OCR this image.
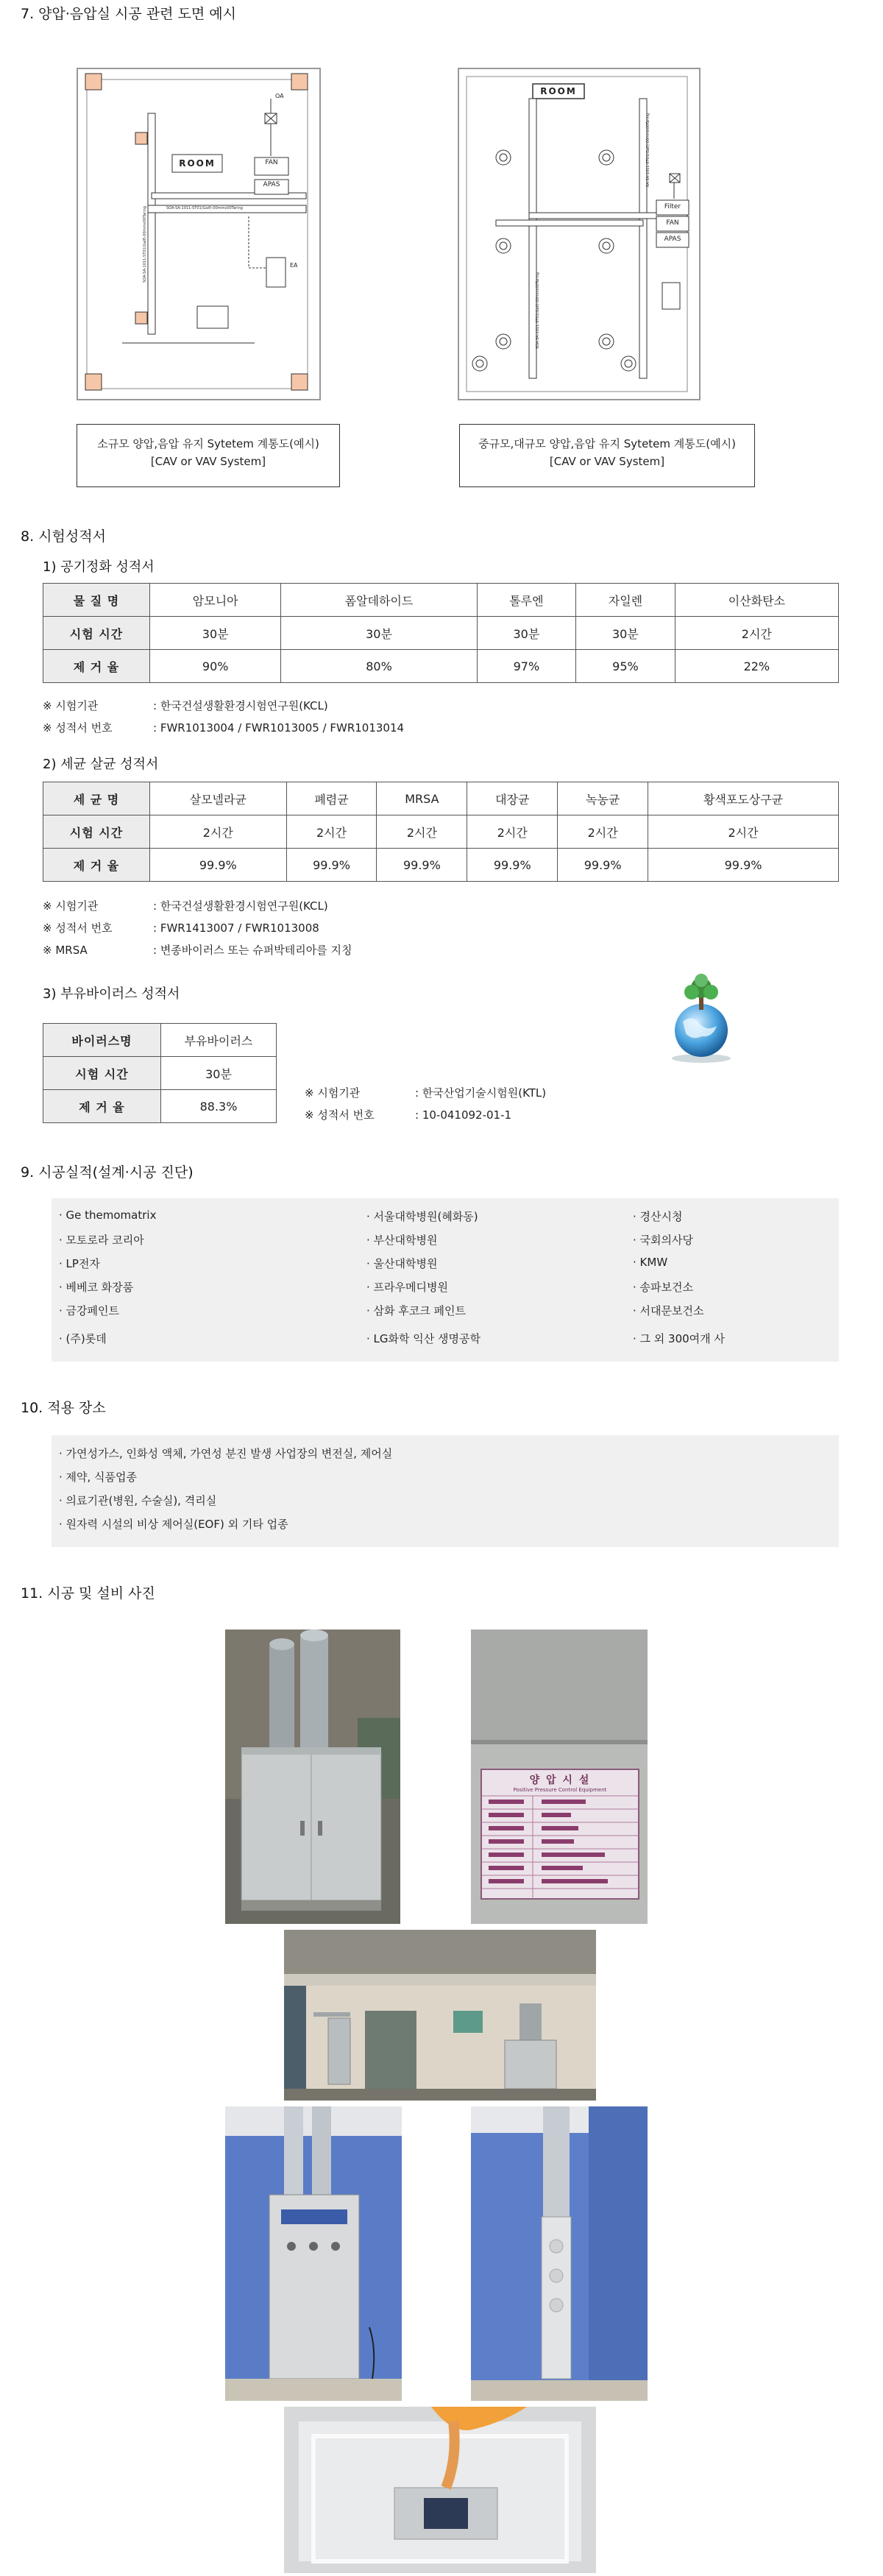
7. 양압·음압실 시공 관련 도면 예시
SOA-SA-1011-ST01(Galf)-00mmx00Taring	SOA-SA-1011-ST01(Galf)-00mmx00Taring
ROOM	FAN
APAS
OA
EA
RA-SA-1011-ST01(Galf)-00mmx00Taring
SOA-SA-1011-ST01(Galf)-00mmx00Taring
ROOM
Filter
FAN
APAS
소규모 양압,음압 유지 Sytetem 계통도(예시)
[CAV or VAV System]
중규모,대규모 양압,음압 유지 Sytetem 계통도(예시)
[CAV or VAV System]
8. 시험성적서
1) 공기정화 성적서
물 질 명	암모니아	폼알데하이드	톨루엔	자일렌	이산화탄소
시험 시간	30분	30분	30분	30분	2시간
제 거 율	90%	80%	97%	95%	22%
※ 시험기관	: 한국건설생활환경시험연구원(KCL)
※ 성적서 번호	: FWR1013004 / FWR1013005 / FWR1013014
2) 세균 살균 성적서
세 균 명	살모넬라균	폐렴균	MRSA	대장균	녹농균	황색포도상구균
시험 시간	2시간	2시간	2시간	2시간	2시간	2시간
제 거 율	99.9%	99.9%	99.9%	99.9%	99.9%	99.9%
※ 시험기관	: 한국건설생활환경시험연구원(KCL)
※ 성적서 번호	: FWR1413007 / FWR1013008
※ MRSA	: 변종바이러스 또는 슈퍼박테리아를 지칭
3) 부유바이러스 성적서
바이러스명	부유바이러스
시험 시간	30분
제 거 율	88.3%
※ 시험기관	: 한국산업기술시험원(KTL)
※ 성적서 번호	: 10-041092-01-1
9. 시공실적(설계·시공 진단)
· Ge themomatrix
· 모토로라 코리아
· LP전자
· 베베코 화장품
· 금강페인트
· (주)롯데
· 서울대학병원(혜화동)
· 부산대학병원
· 울산대학병원
· 프라우메디병원
· 삼화 후코크 페인트
· LG화학 익산 생명공학
· 경산시청
· 국회의사당
· KMW
· 송파보건소
· 서대문보건소
· 그 외 300여개 사
10. 적용 장소
· 가연성가스, 인화성 액체, 가연성 분진 발생 사업장의 변전실, 제어실
· 제약, 식품업종
· 의료기관(병원, 수술실), 격리실
· 원자력 시설의 비상 제어실(EOF) 외 기타 업종
11. 시공 및 설비 사진
양 압 시 설
Positive Pressure Control Equipment
